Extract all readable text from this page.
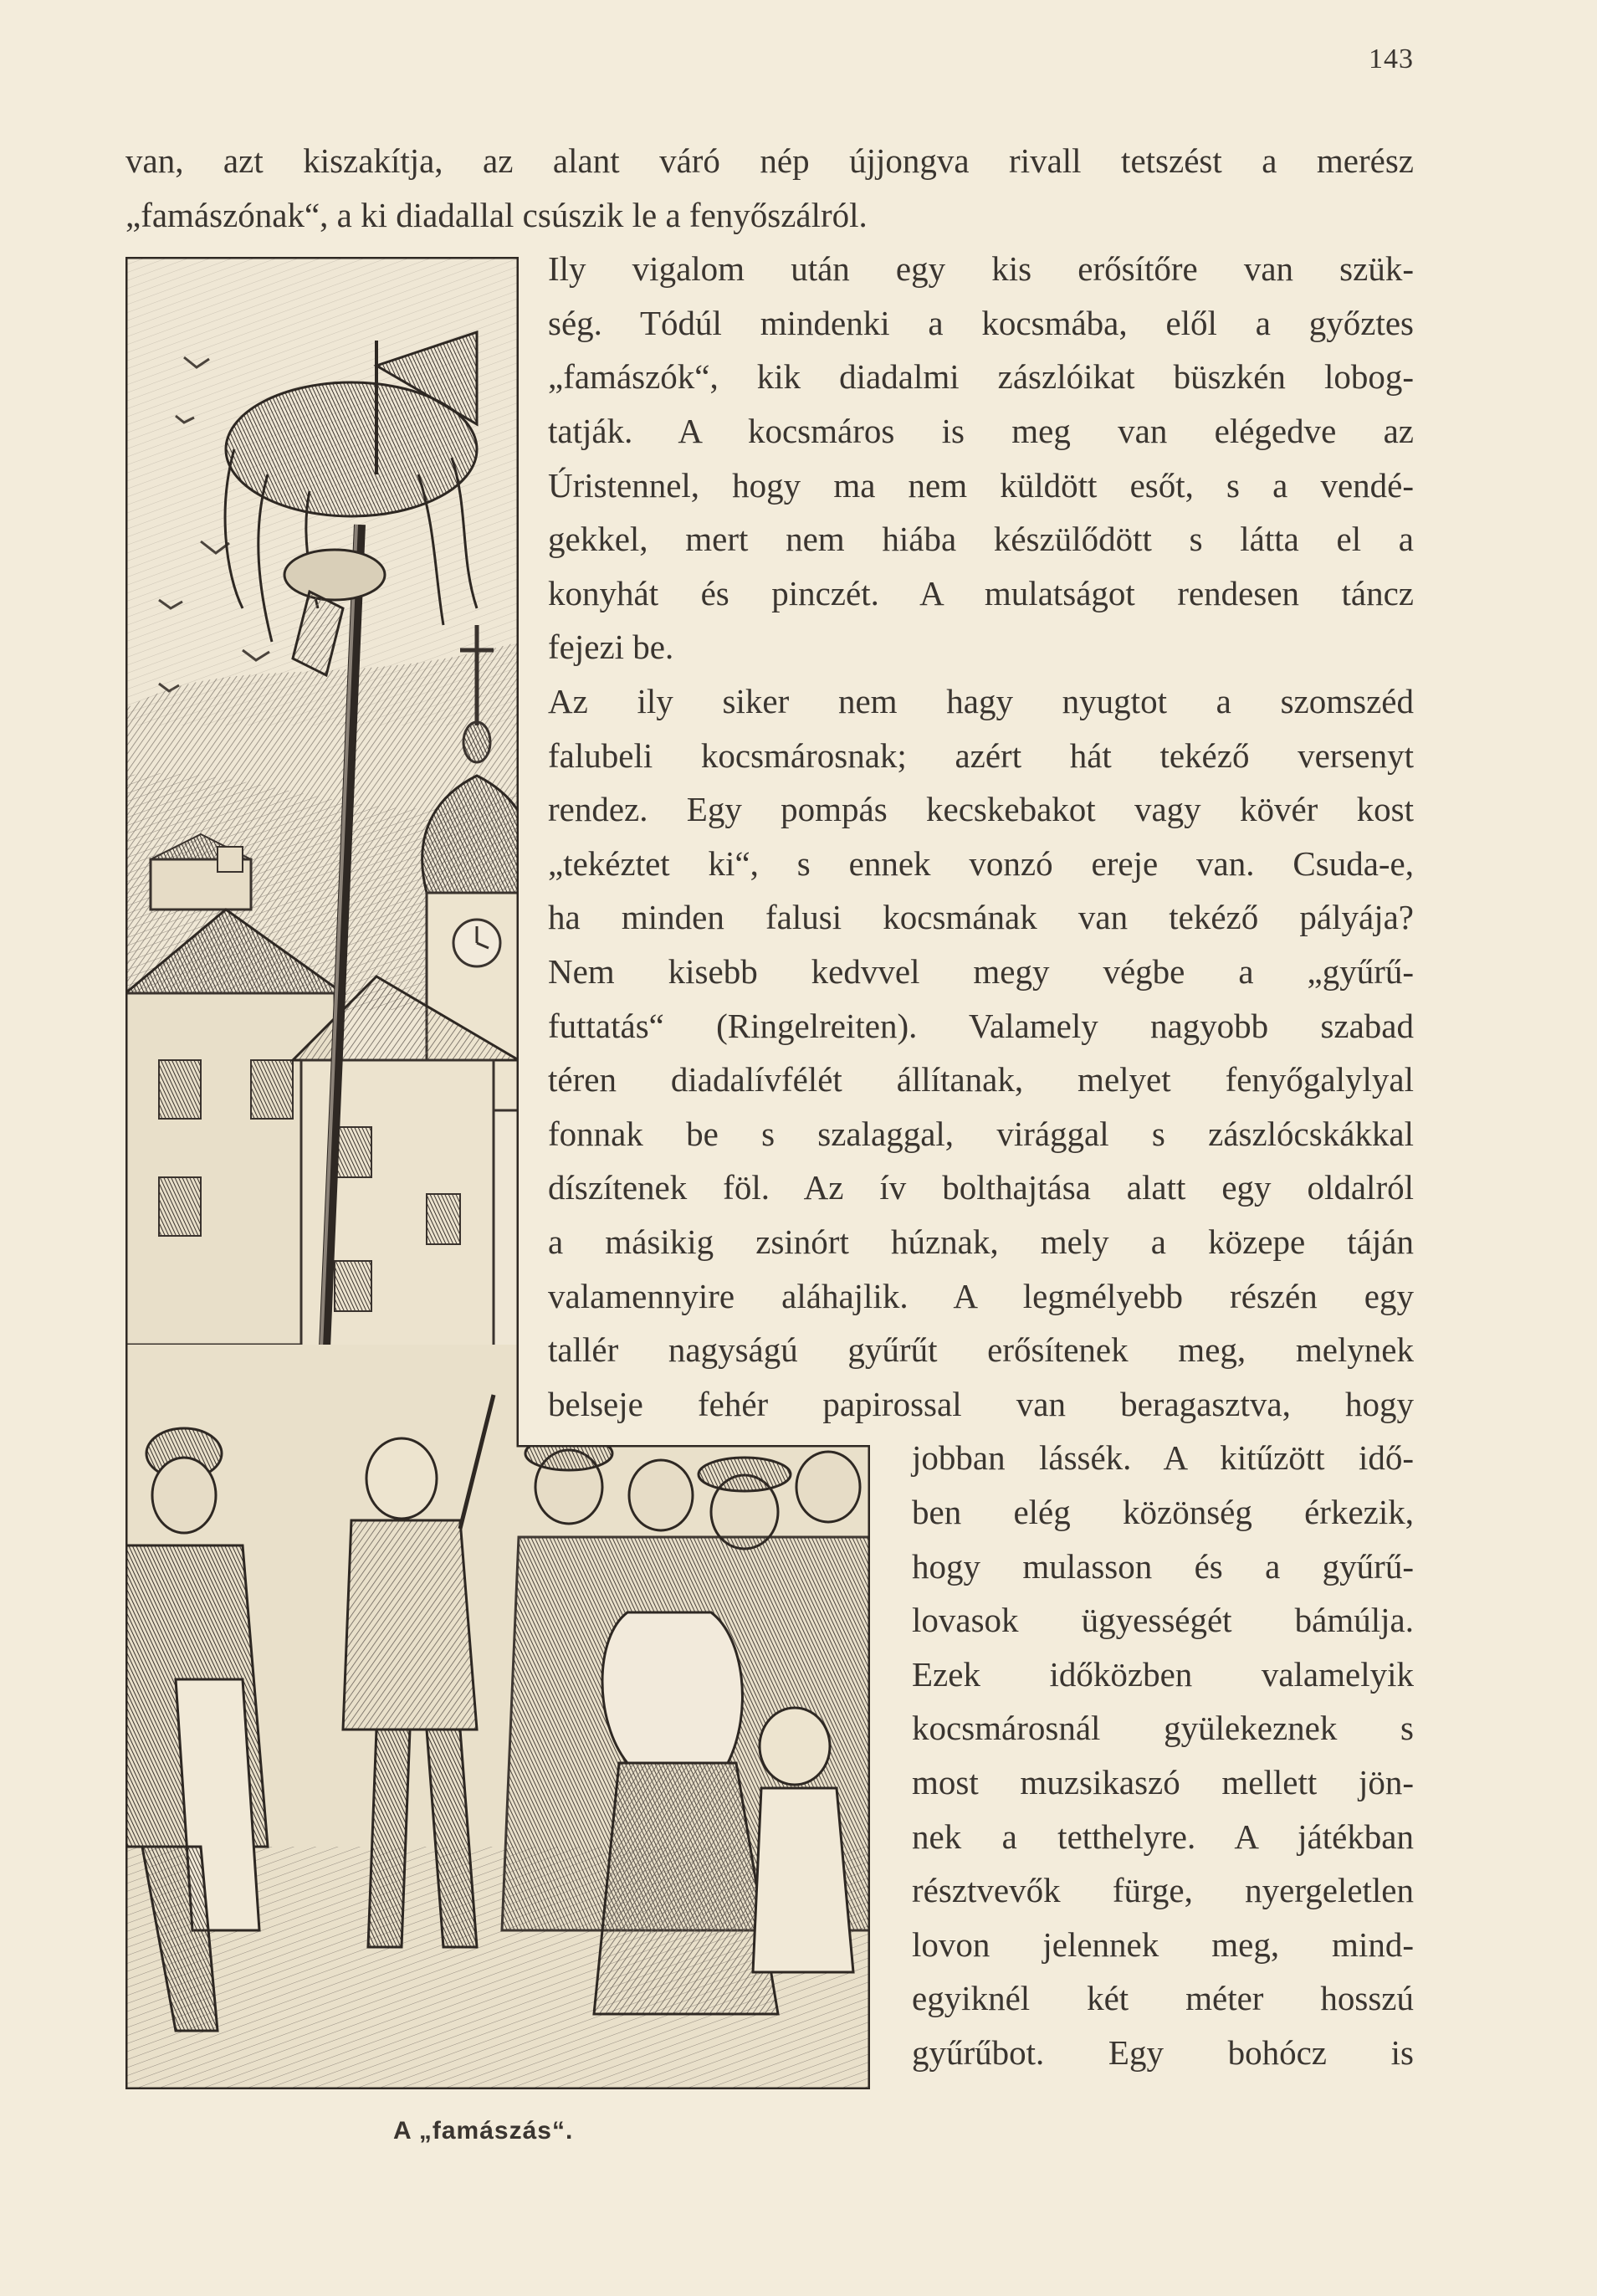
143
van, azt kiszakítja, az alant váró nép újjongva rivall tetszést a merész
„famászónak“, a ki diadallal csúszik le a fenyőszálról.
Ily vigalom után egy kis erősítőre van szük-
ség. Tódúl mindenki a kocsmába, elől a győztes
„famászók“, kik diadalmi zászlóikat büszkén lobog-
tatják. A kocsmáros is meg van elégedve az
Úristennel, hogy ma nem küldött esőt, s a vendé-
gekkel, mert nem hiába készülődött s látta el a
konyhát és pinczét. A mulatságot rendesen táncz
fejezi be.
Az ily siker nem hagy nyugtot a szomszéd
falubeli kocsmárosnak; azért hát tekéző versenyt
rendez. Egy pompás kecskebakot vagy kövér kost
„tekéztet ki“, s ennek vonzó ereje van. Csuda-e,
ha minden falusi kocsmának van tekéző pályája?
Nem kisebb kedvvel megy végbe a „gyűrű-
futtatás“ (Ringelreiten). Valamely nagyobb szabad
téren diadalívfélét állítanak, melyet fenyőgalylyal
fonnak be s szalaggal, virággal s zászlócskákkal
díszítenek föl. Az ív bolthajtása alatt egy oldalról
a másikig zsinórt húznak, mely a közepe táján
valamennyire aláhajlik. A legmélyebb részén egy
tallér nagyságú gyűrűt erősítenek meg, melynek
belseje fehér papirossal van beragasztva, hogy
jobban lássék. A kitűzött idő-
ben elég közönség érkezik,
hogy mulasson és a gyűrű-
lovasok ügyességét bámúlja.
Ezek időközben valamelyik
kocsmárosnál gyülekeznek s
most muzsikaszó mellett jön-
nek a tetthelyre. A játékban
résztvevők fürge, nyergeletlen
lovon jelennek meg, mind-
egyiknél két méter hosszú
gyűrűbot. Egy bohócz is
A „famászás“.
